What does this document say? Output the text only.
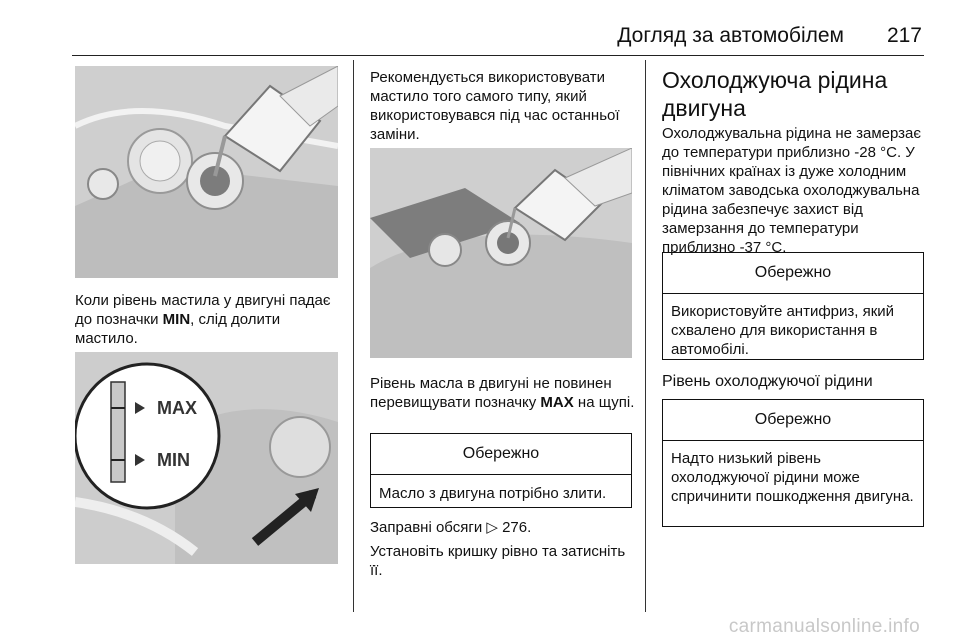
Догляд за автомобілем 217

Коли рівень мастила у двигуні падає до позначки MIN, слід долити мастило.

MAX
MIN

Рекомендується використовувати мастило того самого типу, який використовувався під час останньої заміни.

Рівень масла в двигуні не повинен перевищувати позначку MAX на щупі.

Обережно
Масло з двигуна потрібно злити.

Заправні обсяги ▷ 276.

Установіть кришку рівно та затисніть її.

Охолоджуюча рідина двигуна

Охолоджувальна рідина не замерзає до температури приблизно -28 °C. У північних країнах із дуже холодним кліматом заводська охолоджувальна рідина забезпечує захист від замерзання до температури приблизно -37 °C.

Обережно
Використовуйте антифриз, який схвалено для використання в автомобілі.
Рівень охолоджуючої рідини
Обережно
Надто низький рівень охолоджуючої рідини може спричинити пошкодження двигуна.
carmanualsonline.info
